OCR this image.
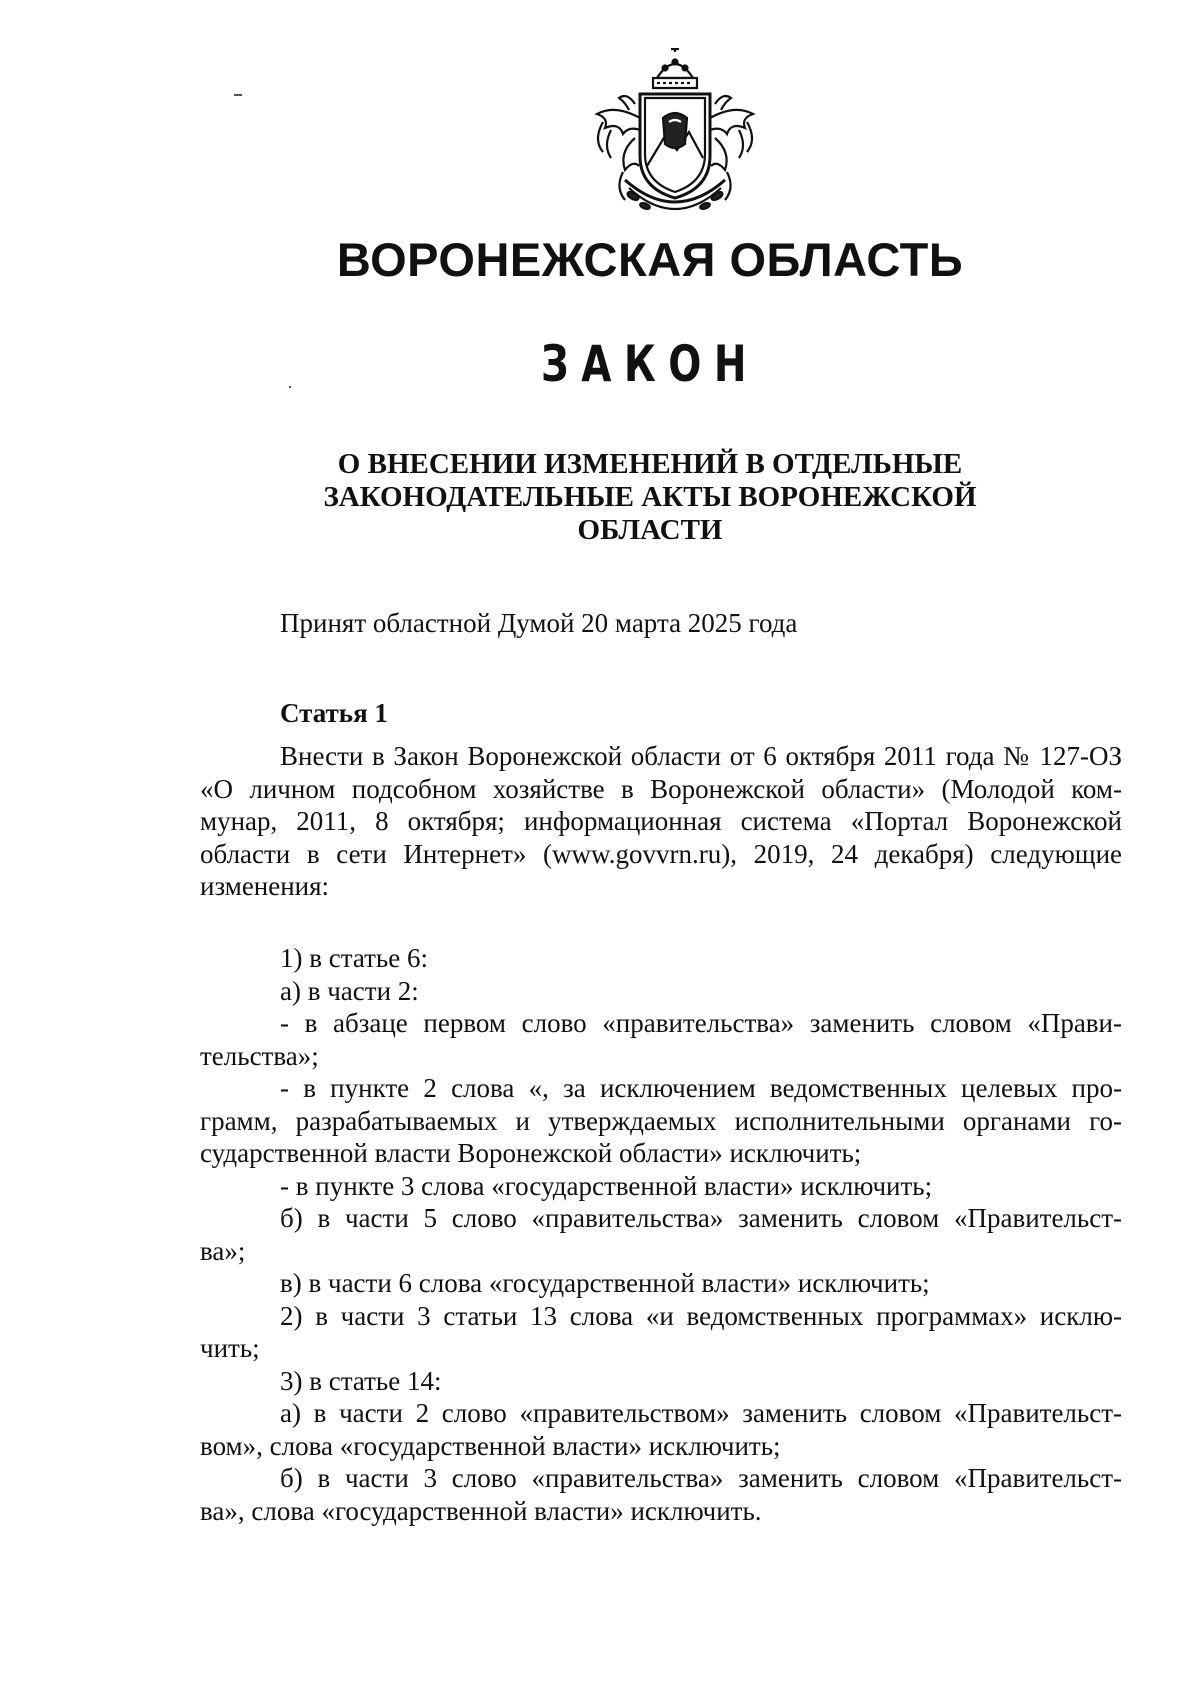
ВОРОНЕЖСКАЯ ОБЛАСТЬ
ЗАКОН
О ВНЕСЕНИИ ИЗМЕНЕНИЙ В ОТДЕЛЬНЫЕ
ЗАКОНОДАТЕЛЬНЫЕ АКТЫ ВОРОНЕЖСКОЙ
ОБЛАСТИ
Принят областной Думой 20 марта 2025 года
Статья 1
Внести в Закон Воронежской области от 6 октября 2011 года № 127-ОЗ
«О личном подсобном хозяйстве в Воронежской области» (Молодой ком-
мунар, 2011, 8 октября; информационная система «Портал Воронежской
области в сети Интернет» (www.govvrn.ru), 2019, 24 декабря) следующие
изменения:
1) в статье 6:
а) в части 2:
- в абзаце первом слово «правительства» заменить словом «Прави-
тельства»;
- в пункте 2 слова «, за исключением ведомственных целевых про-
грамм, разрабатываемых и утверждаемых исполнительными органами го-
сударственной власти Воронежской области» исключить;
- в пункте 3 слова «государственной власти» исключить;
б) в части 5 слово «правительства» заменить словом «Правительст-
ва»;
в) в части 6 слова «государственной власти» исключить;
2) в части 3 статьи 13 слова «и ведомственных программах» исклю-
чить;
3) в статье 14:
а) в части 2 слово «правительством» заменить словом «Правительст-
вом», слова «государственной власти» исключить;
б) в части 3 слово «правительства» заменить словом «Правительст-
ва», слова «государственной власти» исключить.
